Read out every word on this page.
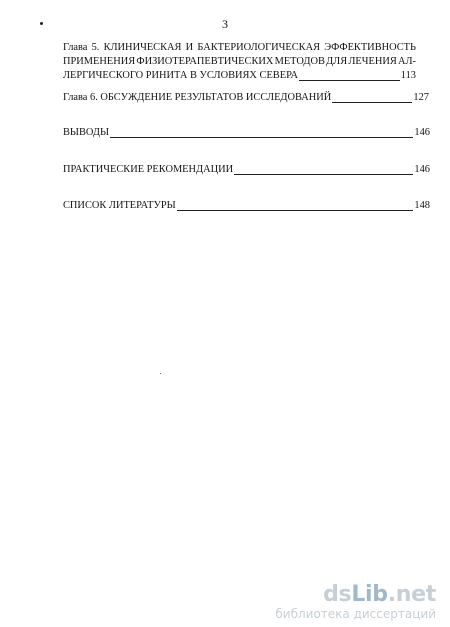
3
Глава 5. КЛИНИЧЕСКАЯ И БАКТЕРИОЛОГИЧЕСКАЯ ЭФФЕКТИВНОСТЬ
ПРИМЕНЕНИЯ ФИЗИОТЕРАПЕВТИЧЕСКИХ МЕТОДОВ ДЛЯ ЛЕЧЕНИЯ АЛ-
ЛЕРГИЧЕСКОГО РИНИТА В УСЛОВИЯХ СЕВЕРА	113
Глава 6. ОБСУЖДЕНИЕ РЕЗУЛЬТАТОВ ИССЛЕДОВАНИЙ	127
ВЫВОДЫ	146
ПРАКТИЧЕСКИЕ РЕКОМЕНДАЦИИ	146
СПИСОК ЛИТЕРАТУРЫ	148
dsLib.net
библиотека диссертаций
